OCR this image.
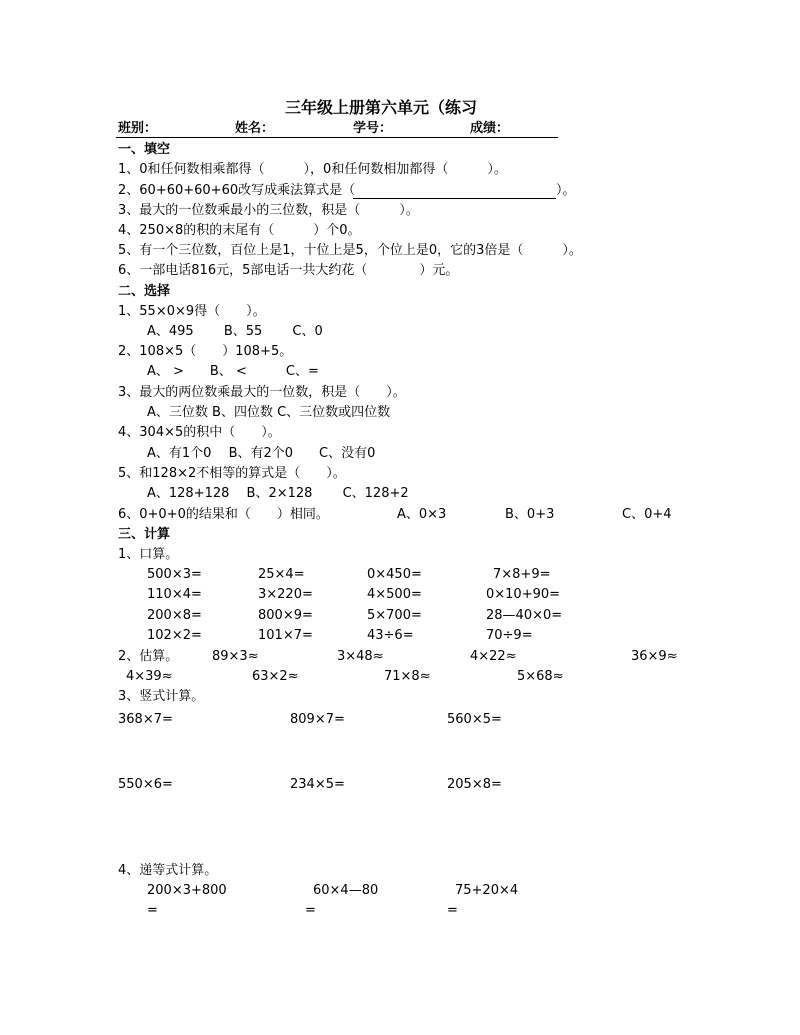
三年级上册第六单元（练习
班别：	姓名：	学号：	成绩：
一、填空
1、0和任何数相乘都得（　　　），0和任何数相加都得（　　　）。
2、60+60+60+60改写成乘法算式是（	）。
3、最大的一位数乘最小的三位数，积是（　　　）。
4、250×8的积的末尾有（　　　）个0。
5、有一个三位数，百位上是1，十位上是5，个位上是0，它的3倍是（　　　）。
6、一部电话816元，5部电话一共大约花（　　　　）元。
二、选择
1、55×0×9得（　　）。
A、495　　 B、55　　 C、0
2、108×5（　　）108+5。
A、 >　　B、 <　　　C、=
3、最大的两位数乘最大的一位数，积是（　　）。
A、三位数 B、四位数 C、三位数或四位数
4、304×5的积中（　　）。
A、有1个0　 B、有2个0　　C、没有0
5、和128×2不相等的算式是（　　）。
A、128+128　 B、2×128　　 C、128+2
6、0+0+0的结果和（　　）相同。	A、0×3	B、0+3	C、0+4
三、计算
1、口算。
500×3=	25×4=	0×450=	7×8+9=
110×4=	3×220=	4×500=	0×10+90=
200×8=	800×9=	5×700=	28—40×0=
102×2=	101×7=	43÷6=	70÷9=
2、估算。	89×3≈	3×48≈	4×22≈	36×9≈
4×39≈	63×2≈	71×8≈	5×68≈
3、竖式计算。
368×7=	809×7=	560×5=
550×6=	234×5=	205×8=
4、递等式计算。
200×3+800	60×4—80	75+20×4
=	=	=
